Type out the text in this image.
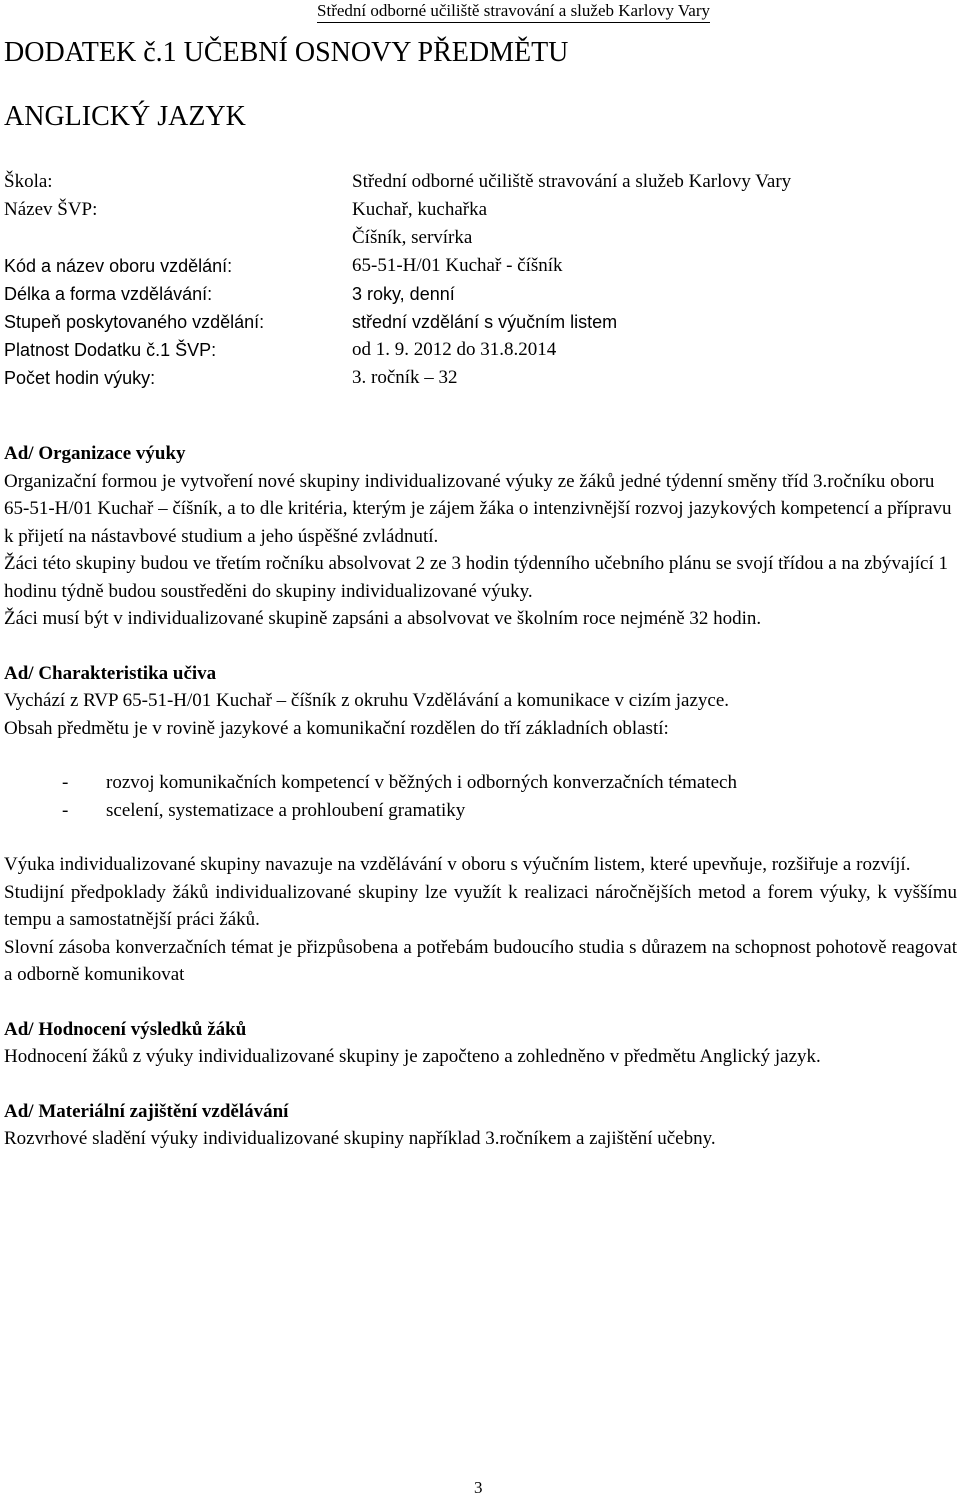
Střední odborné učiliště stravování a služeb Karlovy Vary
DODATEK č.1 UČEBNÍ OSNOVY PŘEDMĚTU
ANGLICKÝ JAZYK
Škola:	Střední odborné učiliště stravování a služeb Karlovy Vary
Název ŠVP:	Kuchař, kuchařka
Číšník, servírka
Kód a název oboru vzdělání:	65-51-H/01 Kuchař - číšník
Délka a forma vzdělávání:	3 roky, denní
Stupeň poskytovaného vzdělání:	střední vzdělání s výučním listem
Platnost Dodatku č.1 ŠVP:	od 1. 9. 2012 do 31.8.2014
Počet hodin výuky:	3. ročník – 32

Ad/ Organizace výuky

Organizační formou je vytvoření nové skupiny individualizované výuky ze žáků jedné týdenní směny tříd 3.ročníku oboru 65-51-H/01 Kuchař – číšník, a to dle kritéria, kterým je zájem žáka o intenzivnější rozvoj jazykových kompetencí a přípravu k přijetí na nástavbové studium a jeho úspěšné zvládnutí.

Žáci této skupiny budou ve třetím ročníku absolvovat 2 ze 3 hodin týdenního učebního plánu se svojí třídou a na zbývající 1 hodinu týdně budou soustředěni do skupiny individualizované výuky.

Žáci musí být v individualizované skupině zapsáni a absolvovat ve školním roce nejméně 32 hodin.

Ad/ Charakteristika učiva

Vychází z RVP 65-51-H/01 Kuchař – číšník z okruhu Vzdělávání a komunikace v cizím jazyce.

Obsah předmětu je v rovině jazykové a komunikační rozdělen do tří základních oblastí:

- rozvoj komunikačních kompetencí v běžných i odborných konverzačních tématech
- scelení, systematizace a prohloubení gramatiky

Výuka individualizované skupiny navazuje na vzdělávání v oboru s výučním listem, které upevňuje, rozšiřuje a rozvíjí.

Studijní předpoklady žáků individualizované skupiny lze využít k realizaci náročnějších metod a forem výuky, k vyššímu tempu a samostatnější práci žáků.

Slovní zásoba konverzačních témat je přizpůsobena a potřebám budoucího studia s důrazem na schopnost pohotově reagovat a odborně komunikovat

Ad/ Hodnocení výsledků žáků

Hodnocení žáků z výuky individualizované skupiny je započteno a zohledněno v předmětu Anglický jazyk.

Ad/ Materiální zajištění vzdělávání

Rozvrhové sladění výuky individualizované skupiny například 3.ročníkem a zajištění učebny.

3
